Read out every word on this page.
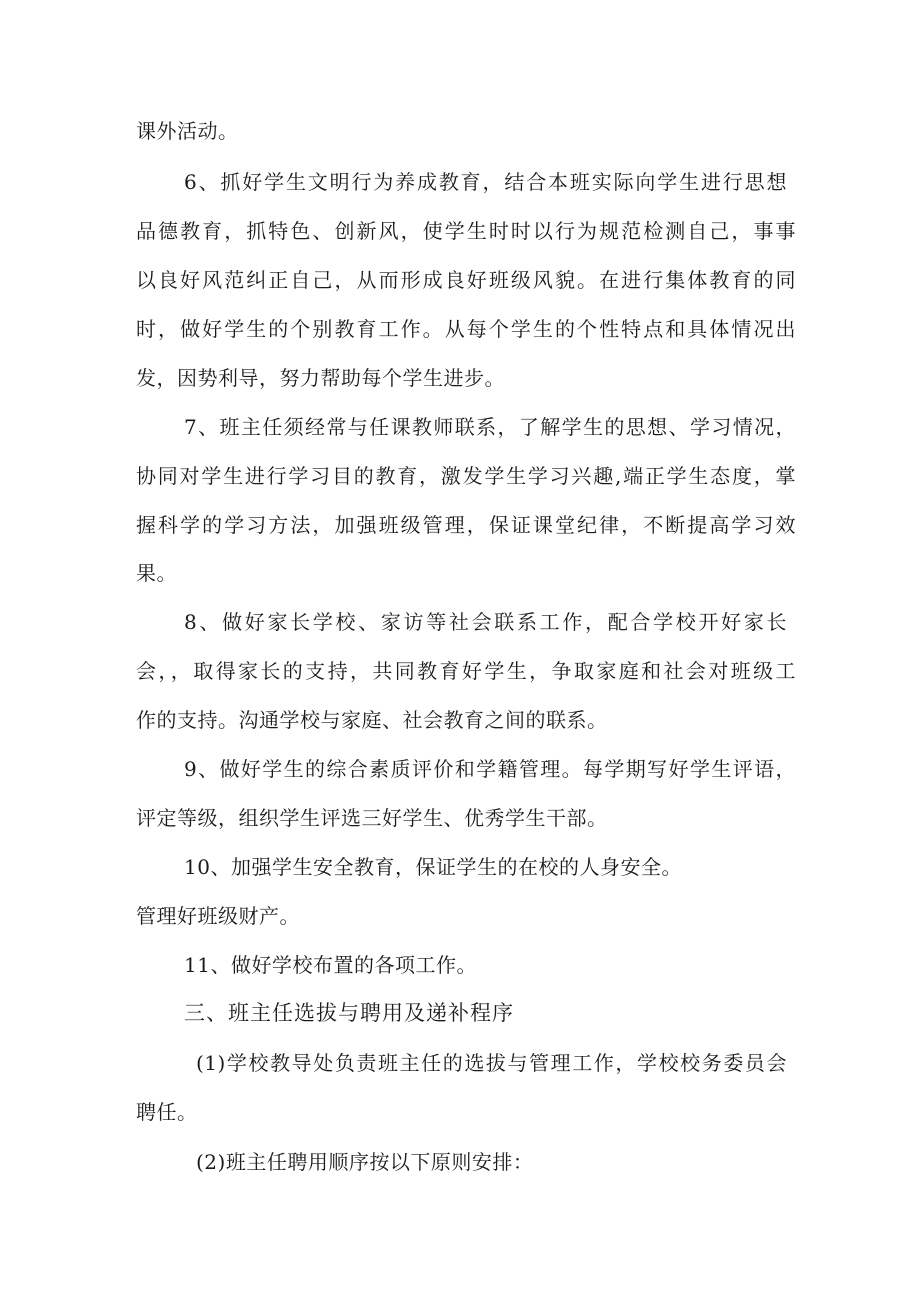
课外活动。
6、抓好学生文明行为养成教育，结合本班实际向学生进行思想
品德教育，抓特色、创新风，使学生时时以行为规范检测自己，事事
以良好风范纠正自己，从而形成良好班级风貌。在进行集体教育的同
时，做好学生的个别教育工作。从每个学生的个性特点和具体情况出
发，因势利导，努力帮助每个学生进步。
7、班主任须经常与任课教师联系，了解学生的思想、学习情况，
协同对学生进行学习目的教育，激发学生学习兴趣,端正学生态度，掌
握科学的学习方法，加强班级管理，保证课堂纪律，不断提高学习效
果。
8、做好家长学校、家访等社会联系工作，配合学校开好家长
会，，取得家长的支持，共同教育好学生，争取家庭和社会对班级工
作的支持。沟通学校与家庭、社会教育之间的联系。
9、做好学生的综合素质评价和学籍管理。每学期写好学生评语，
评定等级，组织学生评选三好学生、优秀学生干部。
10、加强学生安全教育，保证学生的在校的人身安全。
管理好班级财产。
11、做好学校布置的各项工作。
三、班主任选拔与聘用及递补程序
(1)学校教导处负责班主任的选拔与管理工作，学校校务委员会
聘任。
(2)班主任聘用顺序按以下原则安排：
